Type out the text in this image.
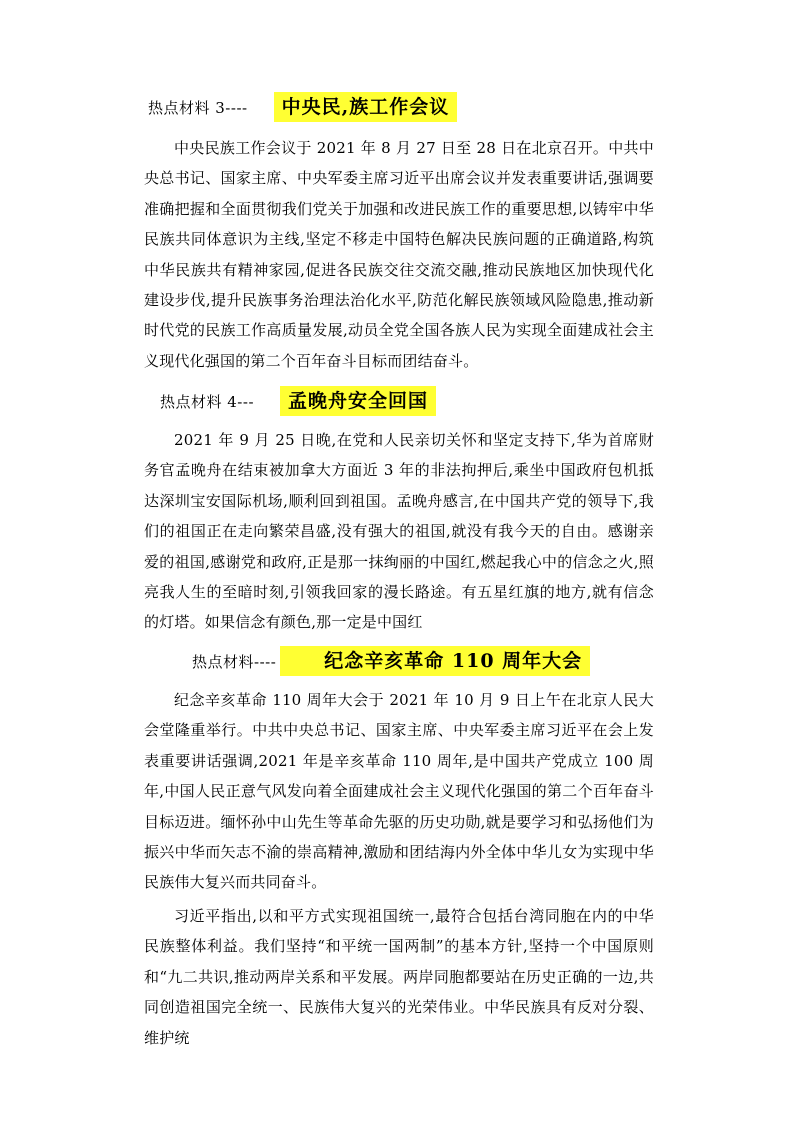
热点材料 3----	中央民,族工作会议
中央民族工作会议于 2021 年 8 月 27 日至 28 日在北京召开。中共中央总书记、国家主席、中央军委主席习近平出席会议并发表重要讲话,强调要准确把握和全面贯彻我们党关于加强和改进民族工作的重要思想,以铸牢中华民族共同体意识为主线,坚定不移走中国特色解决民族问题的正确道路,构筑中华民族共有精神家园,促进各民族交往交流交融,推动民族地区加快现代化建设步伐,提升民族事务治理法治化水平,防范化解民族领域风险隐患,推动新时代党的民族工作高质量发展,动员全党全国各族人民为实现全面建成社会主义现代化强国的第二个百年奋斗目标而团结奋斗。
热点材料 4---	孟晚舟安全回国
2021 年 9 月 25 日晚,在党和人民亲切关怀和坚定支持下,华为首席财务官孟晚舟在结束被加拿大方面近 3 年的非法拘押后,乘坐中国政府包机抵达深圳宝安国际机场,顺利回到祖国。孟晚舟感言,在中国共产党的领导下,我们的祖国正在走向繁荣昌盛,没有强大的祖国,就没有我今天的自由。感谢亲爱的祖国,感谢党和政府,正是那一抹绚丽的中国红,燃起我心中的信念之火,照亮我人生的至暗时刻,引领我回家的漫长路途。有五星红旗的地方,就有信念的灯塔。如果信念有颜色,那一定是中国红
热点材料----	纪念辛亥革命 110 周年大会
纪念辛亥革命 110 周年大会于 2021 年 10 月 9 日上午在北京人民大会堂隆重举行。中共中央总书记、国家主席、中央军委主席习近平在会上发表重要讲话强调,2021 年是辛亥革命 110 周年,是中国共产党成立 100 周年,中国人民正意气风发向着全面建成社会主义现代化强国的第二个百年奋斗目标迈进。缅怀孙中山先生等革命先驱的历史功勋,就是要学习和弘扬他们为振兴中华而矢志不渝的崇高精神,激励和团结海内外全体中华儿女为实现中华民族伟大复兴而共同奋斗。
习近平指出,以和平方式实现祖国统一,最符合包括台湾同胞在内的中华民族整体利益。我们坚持“和平统一国两制”的基本方针,坚持一个中国原则和“九二共识,推动两岸关系和平发展。两岸同胞都要站在历史正确的一边,共同创造祖国完全统一、民族伟大复兴的光荣伟业。中华民族具有反对分裂、维护统
